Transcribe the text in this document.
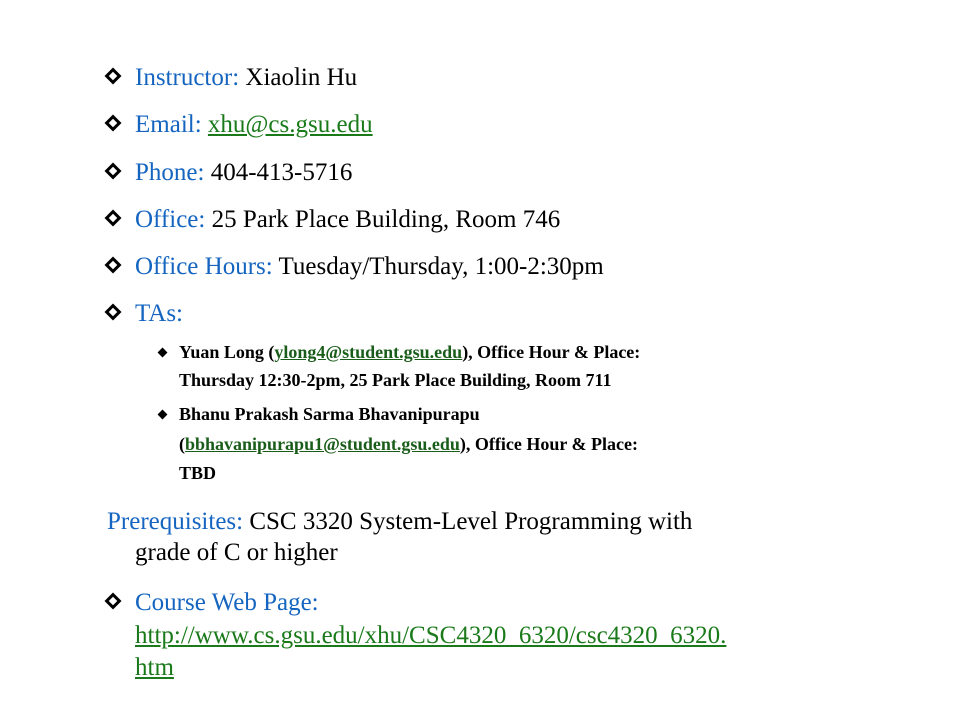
Instructor: Xiaolin Hu
Email: xhu@cs.gsu.edu
Phone: 404-413-5716
Office: 25 Park Place Building, Room 746
Office Hours: Tuesday/Thursday, 1:00-2:30pm
TAs:
Yuan Long (ylong4@student.gsu.edu), Office Hour & Place:
Thursday 12:30-2pm, 25 Park Place Building, Room 711
Bhanu Prakash Sarma Bhavanipurapu
(bbhavanipurapu1@student.gsu.edu), Office Hour & Place:
TBD
Prerequisites: CSC 3320 System-Level Programming with
grade of C or higher
Course Web Page:
http://www.cs.gsu.edu/xhu/CSC4320_6320/csc4320_6320.
htm
